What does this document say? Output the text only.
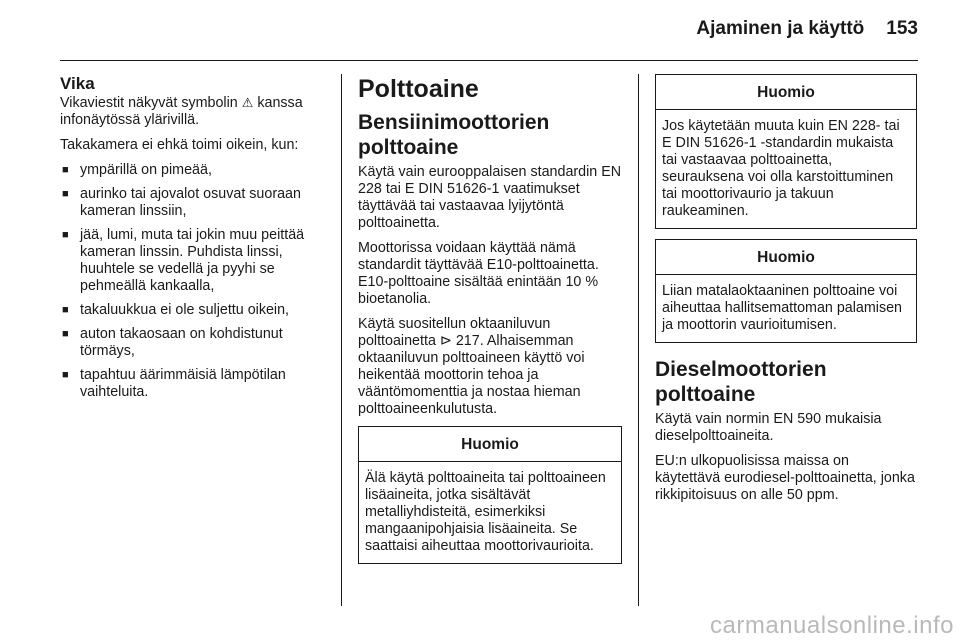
Ajaminen ja käyttö 153
Vika

Vikaviestit näkyvät symbolin ⚠ kanssa infonäytössä ylärivillä.

Takakamera ei ehkä toimi oikein, kun:

■ ympärillä on pimeää,
■ aurinko tai ajovalot osuvat suoraan kameran linssiin,
■ jää, lumi, muta tai jokin muu peittää kameran linssin. Puhdista linssi, huuhtele se vedellä ja pyyhi se pehmeällä kankaalla,
■ takaluukkua ei ole suljettu oikein,
■ auton takaosaan on kohdistunut törmäys,
■ tapahtuu äärimmäisiä lämpötilan vaihteluita.
Polttoaine
Bensiinimoottorien polttoaine

Käytä vain eurooppalaisen standardin EN 228 tai E DIN 51626-1 vaatimukset täyttävää tai vastaavaa lyijytöntä polttoainetta.

Moottorissa voidaan käyttää nämä standardit täyttävää E10-polttoainetta. E10-polttoaine sisältää enintään 10 % bioetanolia.

Käytä suositellun oktaaniluvun polttoainetta ⊳ 217. Alhaisemman oktaaniluvun polttoaineen käyttö voi heikentää moottorin tehoa ja vääntömomenttia ja nostaa hieman polttoaineenkulutusta.

Huomio
Älä käytä polttoaineita tai polttoaineen lisäaineita, jotka sisältävät metalliyhdisteitä, esimerkiksi mangaanipohjaisia lisäaineita. Se saattaisi aiheuttaa moottorivaurioita.
Huomio
Jos käytetään muuta kuin EN 228- tai E DIN 51626-1 -standardin mukaista tai vastaavaa polttoainetta, seurauksena voi olla karstoittuminen tai moottorivaurio ja takuun raukeaminen.
Huomio
Liian matalaoktaaninen polttoaine voi aiheuttaa hallitsemattoman palamisen ja moottorin vaurioitumisen.
Dieselmoottorien polttoaine

Käytä vain normin EN 590 mukaisia dieselpolttoaineita.

EU:n ulkopuolisissa maissa on käytettävä eurodiesel-polttoainetta, jonka rikkipitoisuus on alle 50 ppm.

carmanualsonline.info
